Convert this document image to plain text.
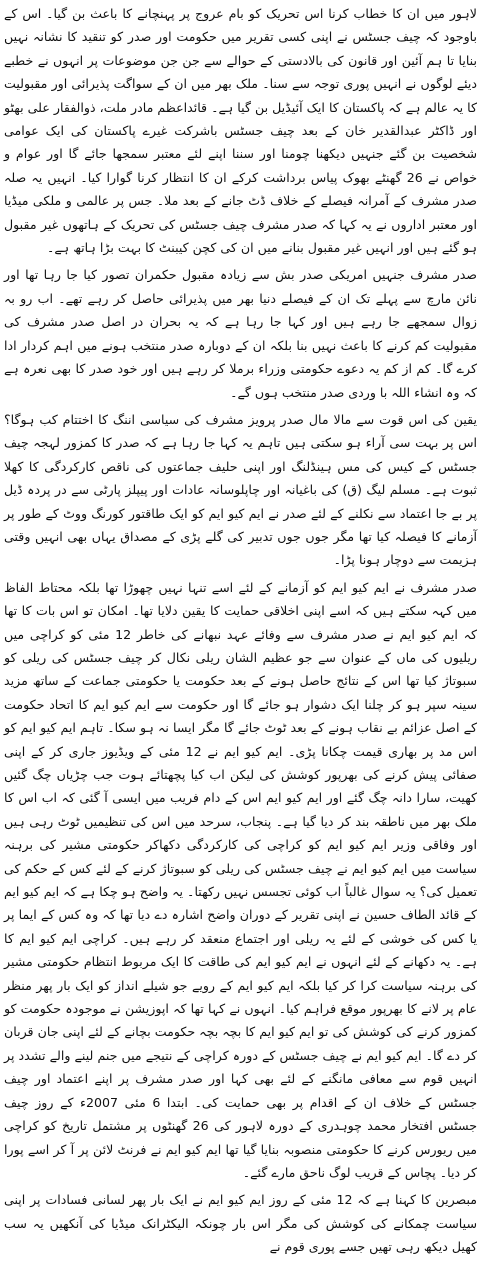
لاہور میں ان کا خطاب کرنا اس تحریک کو بام عروج پر پہنچانے کا باعث بن گیا۔ اس کے باوجود کہ چیف جسٹس نے اپنی کسی تقریر میں حکومت اور صدر کو تنقید کا نشانہ نہیں بنایا تا ہم آئین اور قانون کی بالادستی کے حوالے سے جن جن موضوعات پر انہوں نے خطبے دیئے لوگوں نے انہیں پوری توجہ سے سنا۔ ملک بھر میں ان کے سواگت پذیرائی اور مقبولیت کا یہ عالم ہے کہ پاکستان کا ایک آئیڈیل بن گیا ہے۔ قائداعظم مادر ملت، ذوالفقار علی بھٹو اور ڈاکٹر عبدالقدیر خان کے بعد چیف جسٹس باشرکت غیرے پاکستان کی ایک عوامی شخصیت بن گئے جنہیں دیکھنا چومنا اور سننا اپنے لئے معتبر سمجھا جائے گا اور عوام و خواص نے 26 گھنٹے بھوک پیاس برداشت کرکے ان کا انتظار کرنا گوارا کیا۔ انہیں یہ صلہ صدر مشرف کے آمرانہ فیصلے کے خلاف ڈٹ جانے کے بعد ملا۔ جس پر عالمی و ملکی میڈیا اور معتبر اداروں نے یہ کہا کہ صدر مشرف چیف جسٹس کی تحریک کے ہاتھوں غیر مقبول ہو گئے ہیں اور انہیں غیر مقبول بنانے میں ان کی کچن کیبنٹ کا بہت بڑا ہاتھ ہے۔

صدر مشرف جنہیں امریکی صدر بش سے زیادہ مقبول حکمران تصور کیا جا رہا تھا اور نائن مارچ سے پہلے تک ان کے فیصلے دنیا بھر میں پذیرائی حاصل کر رہے تھے۔ اب رو بہ زوال سمجھے جا رہے ہیں اور کہا جا رہا ہے کہ یہ بحران در اصل صدر مشرف کی مقبولیت کم کرنے کا باعث نہیں بنا بلکہ ان کے دوبارہ صدر منتخب ہونے میں اہم کردار ادا کرے گا۔ کم از کم یہ دعوے حکومتی وزراء برملا کر رہے ہیں اور خود صدر کا بھی نعرہ ہے کہ وہ انشاء اللہ با وردی صدر منتخب ہوں گے۔

یقین کی اس قوت سے مالا مال صدر پرویز مشرف کی سیاسی اننگ کا اختتام کب ہوگا؟ اس پر بہت سی آراء ہو سکتی ہیں تاہم یہ کہا جا رہا ہے کہ صدر کا کمزور لہجہ چیف جسٹس کے کیس کی مس ہینڈلنگ اور اپنی حلیف جماعتوں کی ناقص کارکردگی کا کھلا ثبوت ہے۔ مسلم لیگ (ق) کی باغیانہ اور چاپلوسانہ عادات اور پیپلز پارٹی سے در پردہ ڈیل پر بے جا اعتماد سے نکلنے کے لئے صدر نے ایم کیو ایم کو ایک طاقتور کورنگ ووٹ کے طور پر آزمانے کا فیصلہ کیا تھا مگر جوں جوں تدبیر کی گلے پڑی کے مصداق یہاں بھی انہیں وقتی ہزیمت سے دوچار ہونا پڑا۔

صدر مشرف نے ایم کیو ایم کو آزمانے کے لئے اسے تنہا نہیں چھوڑا تھا بلکہ محتاط الفاظ میں کہہ سکتے ہیں کہ اسے اپنی اخلاقی حمایت کا یقین دلایا تھا۔ امکان تو اس بات کا تھا کہ ایم کیو ایم نے صدر مشرف سے وفائے عہد نبھانے کی خاطر 12 مئی کو کراچی میں ریلیوں کی ماں کے عنوان سے جو عظیم الشان ریلی نکال کر چیف جسٹس کی ریلی کو سبوتاژ کیا تھا اس کے نتائج حاصل ہونے کے بعد حکومت یا حکومتی جماعت کے ساتھ مزید سینہ سپر ہو کر چلنا ایک دشوار ہو جائے گا اور حکومت سے ایم کیو ایم کا اتحاد حکومت کے اصل عزائم بے نقاب ہونے کے بعد ٹوٹ جائے گا مگر ایسا نہ ہو سکا۔ تاہم ایم کیو ایم کو اس مد پر بھاری قیمت چکانا پڑی۔ ایم کیو ایم نے 12 مئی کے ویڈیوز جاری کر کے اپنی صفائی پیش کرنے کی بھرپور کوشش کی لیکن اب کیا پچھتائے ہوت جب چڑیاں چگ گئیں کھیت، سارا دانہ چگ گئے اور ایم کیو ایم اس کے دام فریب میں ایسی آ گئی کہ اب اس کا ملک بھر میں ناطقہ بند کر دیا گیا ہے۔ پنجاب، سرحد میں اس کی تنظیمیں ٹوٹ رہی ہیں اور وفاقی وزیر ایم کیو ایم کو کراچی کی کارکردگی دکھاکر حکومتی مشیر کی برہنہ سیاست میں ایم کیو ایم نے چیف جسٹس کی ریلی کو سبوتاژ کرنے کے لئے کس کے حکم کی تعمیل کی؟ یہ سوال غالباً اب کوئی تجسس نہیں رکھتا۔ یہ واضح ہو چکا ہے کہ ایم کیو ایم کے قائد الطاف حسین نے اپنی تقریر کے دوران واضح اشارہ دے دیا تھا کہ وہ کس کے ایما پر یا کس کی خوشی کے لئے یہ ریلی اور اجتماع منعقد کر رہے ہیں۔ کراچی ایم کیو ایم کا ہے۔ یہ دکھانے کے لئے انہوں نے ایم کیو ایم کی طاقت کا ایک مربوط انتظام حکومتی مشیر کی برہنہ سیاست کرا کر کیا بلکہ ایم کیو ایم کے رویے جو شیلے انداز کو ایک بار پھر منظر عام پر لانے کا بھرپور موقع فراہم کیا۔ انہوں نے کہا تھا کہ اپوزیشن نے موجودہ حکومت کو کمزور کرنے کی کوشش کی تو ایم کیو ایم کا بچہ بچہ حکومت بچانے کے لئے اپنی جان قربان کر دے گا۔ ایم کیو ایم نے چیف جسٹس کے دورہ کراچی کے نتیجے میں جنم لینے والے تشدد پر انہیں قوم سے معافی مانگنے کے لئے بھی کہا اور صدر مشرف پر اپنے اعتماد اور چیف جسٹس کے خلاف ان کے اقدام پر بھی حمایت کی۔ ابتدا 6 مئی 2007ء کے روز چیف جسٹس افتخار محمد چوہدری کے دورہ لاہور کی 26 گھنٹوں پر مشتمل تاریخ کو کراچی میں ریورس کرنے کا حکومتی منصوبہ بنایا گیا تھا ایم کیو ایم نے فرنٹ لائن پر آ کر اسے پورا کر دیا۔ پچاس کے قریب لوگ ناحق مارے گئے۔

مبصرین کا کہنا ہے کہ 12 مئی کے روز ایم کیو ایم نے ایک بار پھر لسانی فسادات پر اپنی سیاست چمکانے کی کوشش کی مگر اس بار چونکہ الیکٹرانک میڈیا کی آنکھیں یہ سب کھیل دیکھ رہی تھیں جسے پوری قوم نے
